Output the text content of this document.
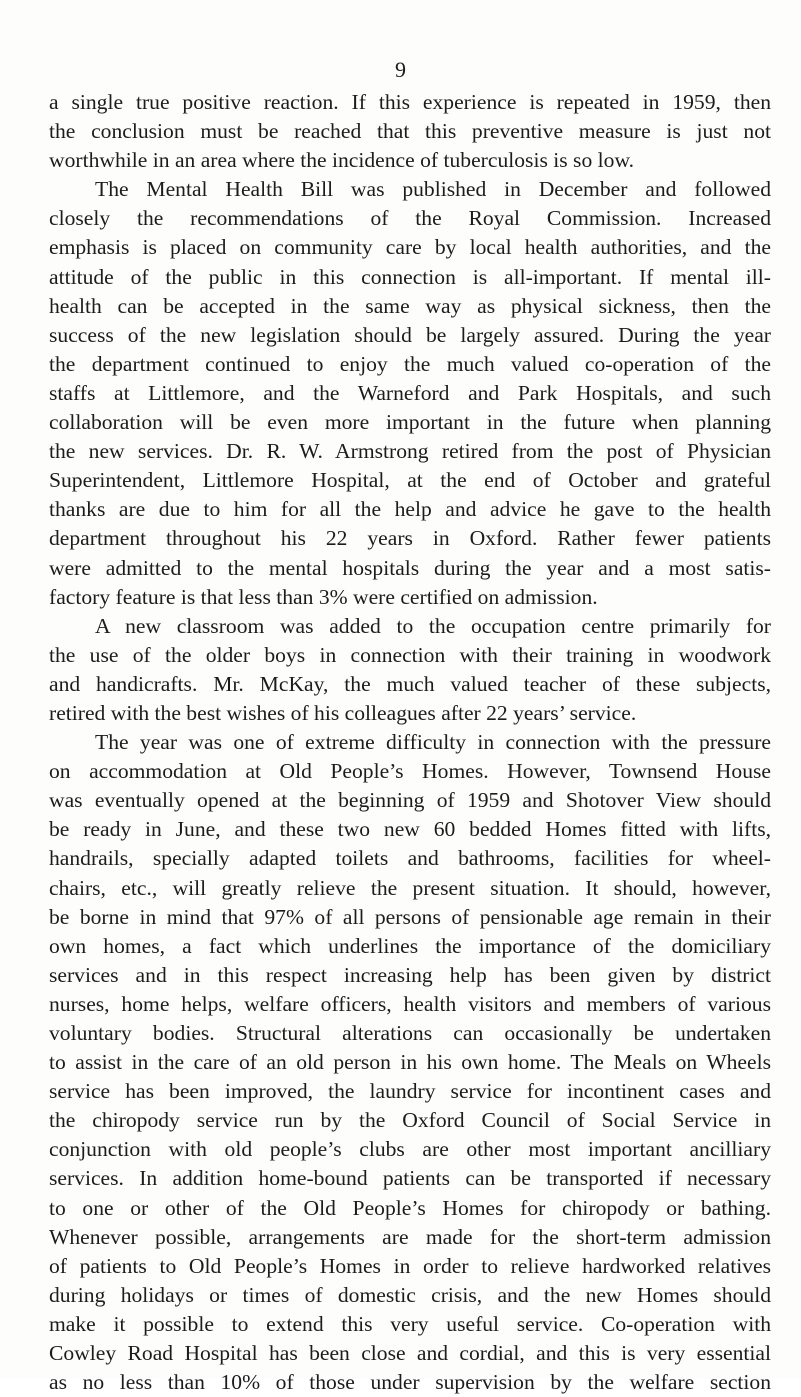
9
a single true positive reaction. If this experience is repeated in 1959, then
the conclusion must be reached that this preventive measure is just not
worthwhile in an area where the incidence of tuberculosis is so low.
The Mental Health Bill was published in December and followed
closely the recommendations of the Royal Commission. Increased
emphasis is placed on community care by local health authorities, and the
attitude of the public in this connection is all-important. If mental ill-
health can be accepted in the same way as physical sickness, then the
success of the new legislation should be largely assured. During the year
the department continued to enjoy the much valued co-operation of the
staffs at Littlemore, and the Warneford and Park Hospitals, and such
collaboration will be even more important in the future when planning
the new services. Dr. R. W. Armstrong retired from the post of Physician
Superintendent, Littlemore Hospital, at the end of October and grateful
thanks are due to him for all the help and advice he gave to the health
department throughout his 22 years in Oxford. Rather fewer patients
were admitted to the mental hospitals during the year and a most satis-
factory feature is that less than 3% were certified on admission.
A new classroom was added to the occupation centre primarily for
the use of the older boys in connection with their training in woodwork
and handicrafts. Mr. McKay, the much valued teacher of these subjects,
retired with the best wishes of his colleagues after 22 years’ service.
The year was one of extreme difficulty in connection with the pressure
on accommodation at Old People’s Homes. However, Townsend House
was eventually opened at the beginning of 1959 and Shotover View should
be ready in June, and these two new 60 bedded Homes fitted with lifts,
handrails, specially adapted toilets and bathrooms, facilities for wheel-
chairs, etc., will greatly relieve the present situation. It should, however,
be borne in mind that 97% of all persons of pensionable age remain in their
own homes, a fact which underlines the importance of the domiciliary
services and in this respect increasing help has been given by district
nurses, home helps, welfare officers, health visitors and members of various
voluntary bodies. Structural alterations can occasionally be undertaken
to assist in the care of an old person in his own home. The Meals on Wheels
service has been improved, the laundry service for incontinent cases and
the chiropody service run by the Oxford Council of Social Service in
conjunction with old people’s clubs are other most important ancilliary
services. In addition home-bound patients can be transported if necessary
to one or other of the Old People’s Homes for chiropody or bathing.
Whenever possible, arrangements are made for the short-term admission
of patients to Old People’s Homes in order to relieve hardworked relatives
during holidays or times of domestic crisis, and the new Homes should
make it possible to extend this very useful service. Co-operation with
Cowley Road Hospital has been close and cordial, and this is very essential
as no less than 10% of those under supervision by the welfare section
